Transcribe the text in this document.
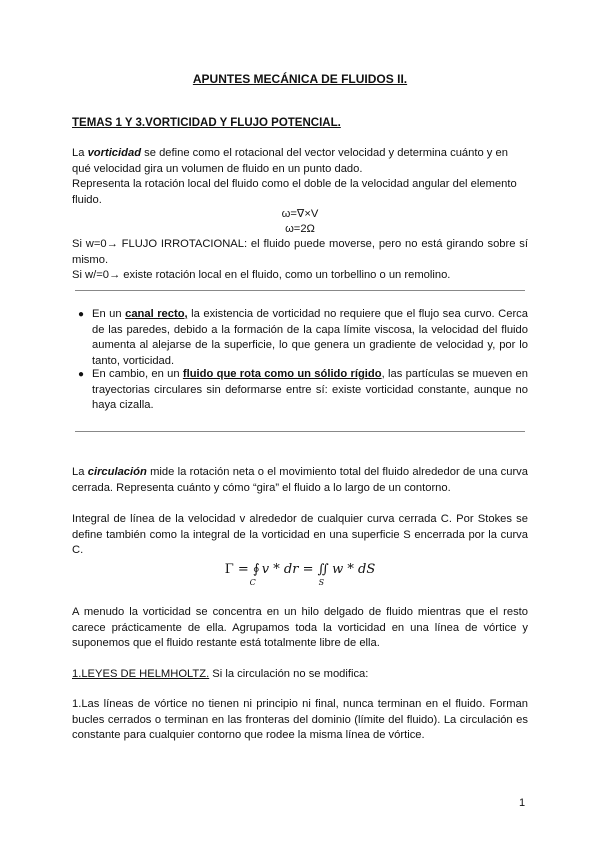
APUNTES MECÁNICA DE FLUIDOS II.
TEMAS 1 Y 3.VORTICIDAD Y FLUJO POTENCIAL.
La vorticidad se define como el rotacional del vector velocidad y determina cuánto y en qué velocidad gira un volumen de fluido en un punto dado.
Representa la rotación local del fluido como el doble de la velocidad angular del elemento fluido.
ω=∇×V
ω=2Ω
Si w=0→ FLUJO IRROTACIONAL: el fluido puede moverse, pero no está girando sobre sí mismo.
Si w/=0→ existe rotación local en el fluido, como un torbellino o un remolino.
● En un canal recto, la existencia de vorticidad no requiere que el flujo sea curvo. Cerca de las paredes, debido a la formación de la capa límite viscosa, la velocidad del fluido aumenta al alejarse de la superficie, lo que genera un gradiente de velocidad y, por lo tanto, vorticidad.
● En cambio, en un fluido que rota como un sólido rígido, las partículas se mueven en trayectorias circulares sin deformarse entre sí: existe vorticidad constante, aunque no haya cizalla.
La circulación mide la rotación neta o el movimiento total del fluido alrededor de una curva cerrada. Representa cuánto y cómo “gira” el fluido a lo largo de un contorno.
Integral de línea de la velocidad v alrededor de cualquier curva cerrada C. Por Stokes se define también como la integral de la vorticidad en una superficie S encerrada por la curva C.
$\Gamma = ∮_Cv$ * dr = $∬_Sw$ * dS
A menudo la vorticidad se concentra en un hilo delgado de fluido mientras que el resto carece prácticamente de ella. Agrupamos toda la vorticidad en una línea de vórtice y suponemos que el fluido restante está totalmente libre de ella.
1.LEYES DE HELMHOLTZ. Si la circulación no se modifica:
1.Las líneas de vórtice no tienen ni principio ni final, nunca terminan en el fluido. Forman bucles cerrados o terminan en las fronteras del dominio (límite del fluido). La circulación es constante para cualquier contorno que rodee la misma línea de vórtice.
1
